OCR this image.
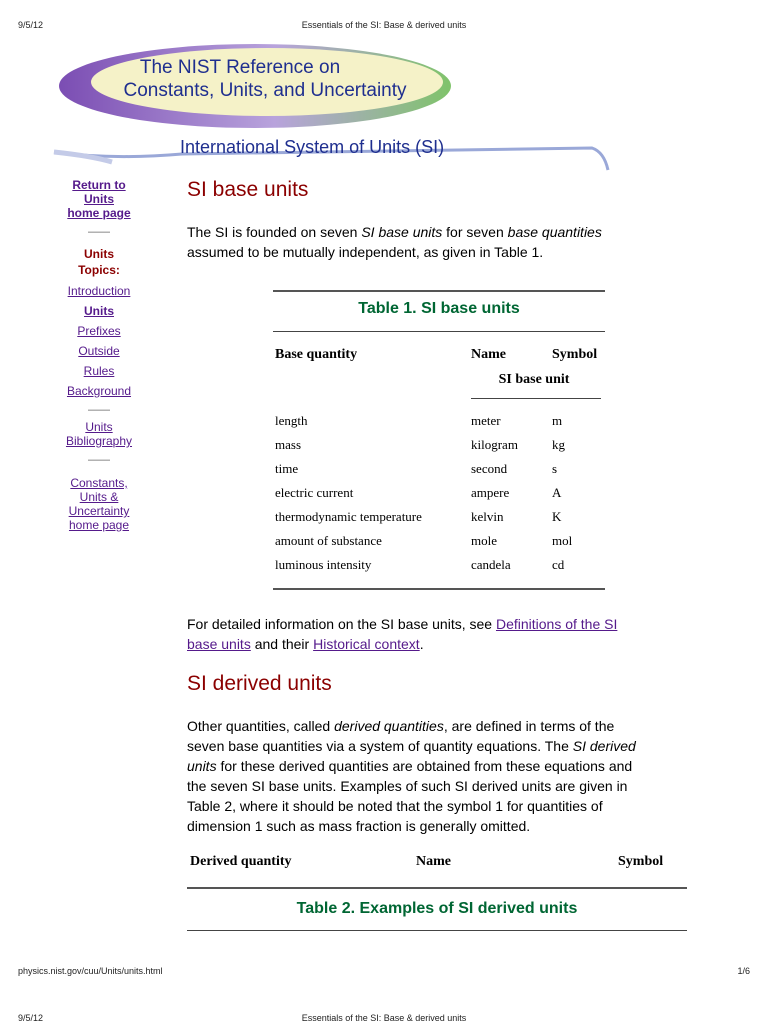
9/5/12	Essentials of the SI: Base & derived units
The NIST Reference on
Constants, Units, and Uncertainty
International System of Units (SI)
Return to
Units
home page
——
Units
Topics:
Introduction
Units
Prefixes
Outside
Rules
Background
——
Units
Bibliography
——
Constants,
Units &
Uncertainty
home page
SI base units
The SI is founded on seven SI base units for seven base quantities
assumed to be mutually independent, as given in Table 1.
Table 1. SI base units
Base quantity	Name	Symbol
SI base unit
length	meter	m
mass	kilogram	kg
time	second	s
electric current	ampere	A
thermodynamic temperature	kelvin	K
amount of substance	mole	mol
luminous intensity	candela	cd
For detailed information on the SI base units, see Definitions of the SI
base units and their Historical context.
SI derived units
Other quantities, called derived quantities, are defined in terms of the
seven base quantities via a system of quantity equations. The SI derived
units for these derived quantities are obtained from these equations and
the seven SI base units. Examples of such SI derived units are given in
Table 2, where it should be noted that the symbol 1 for quantities of
dimension 1 such as mass fraction is generally omitted.
Derived quantity	Name	Symbol
Table 2. Examples of SI derived units
physics.nist.gov/cuu/Units/units.html	1/6
9/5/12	Essentials of the SI: Base & derived units
